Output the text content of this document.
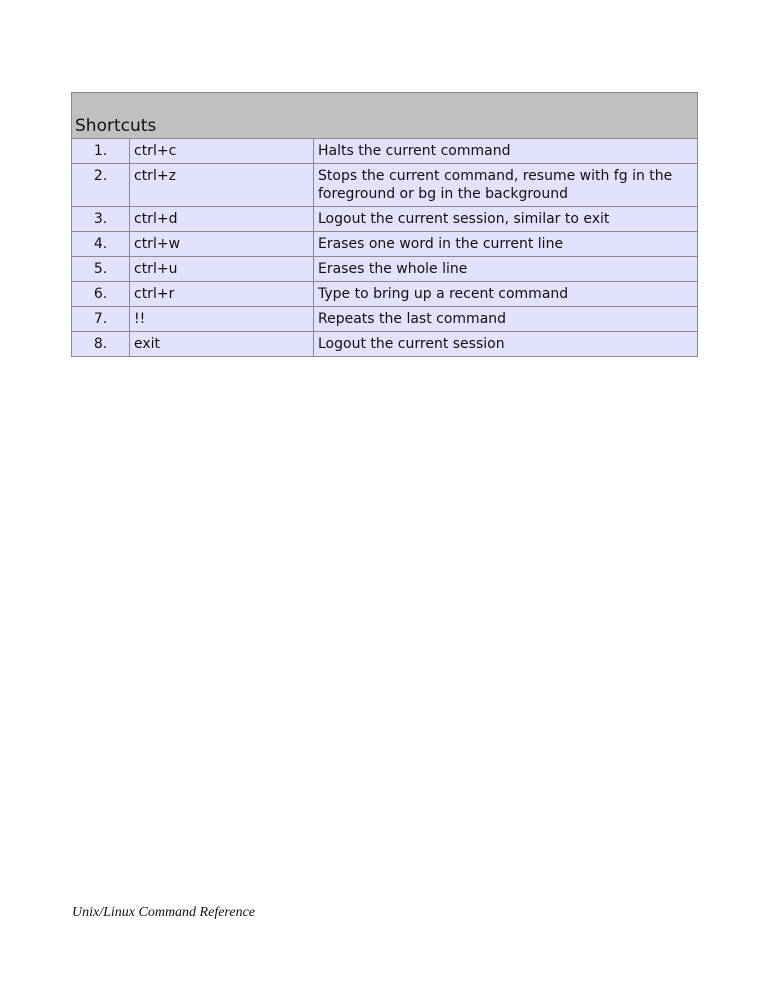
Shortcuts		
1.	ctrl+c	Halts the current command
2.	ctrl+z	Stops the current command, resume with fg in the foreground or bg in the background
3.	ctrl+d	Logout the current session, similar to exit
4.	ctrl+w	Erases one word in the current line
5.	ctrl+u	Erases the whole line
6.	ctrl+r	Type to bring up a recent command
7.	!!	Repeats the last command
8.	exit	Logout the current session
Unix/Linux Command Reference
